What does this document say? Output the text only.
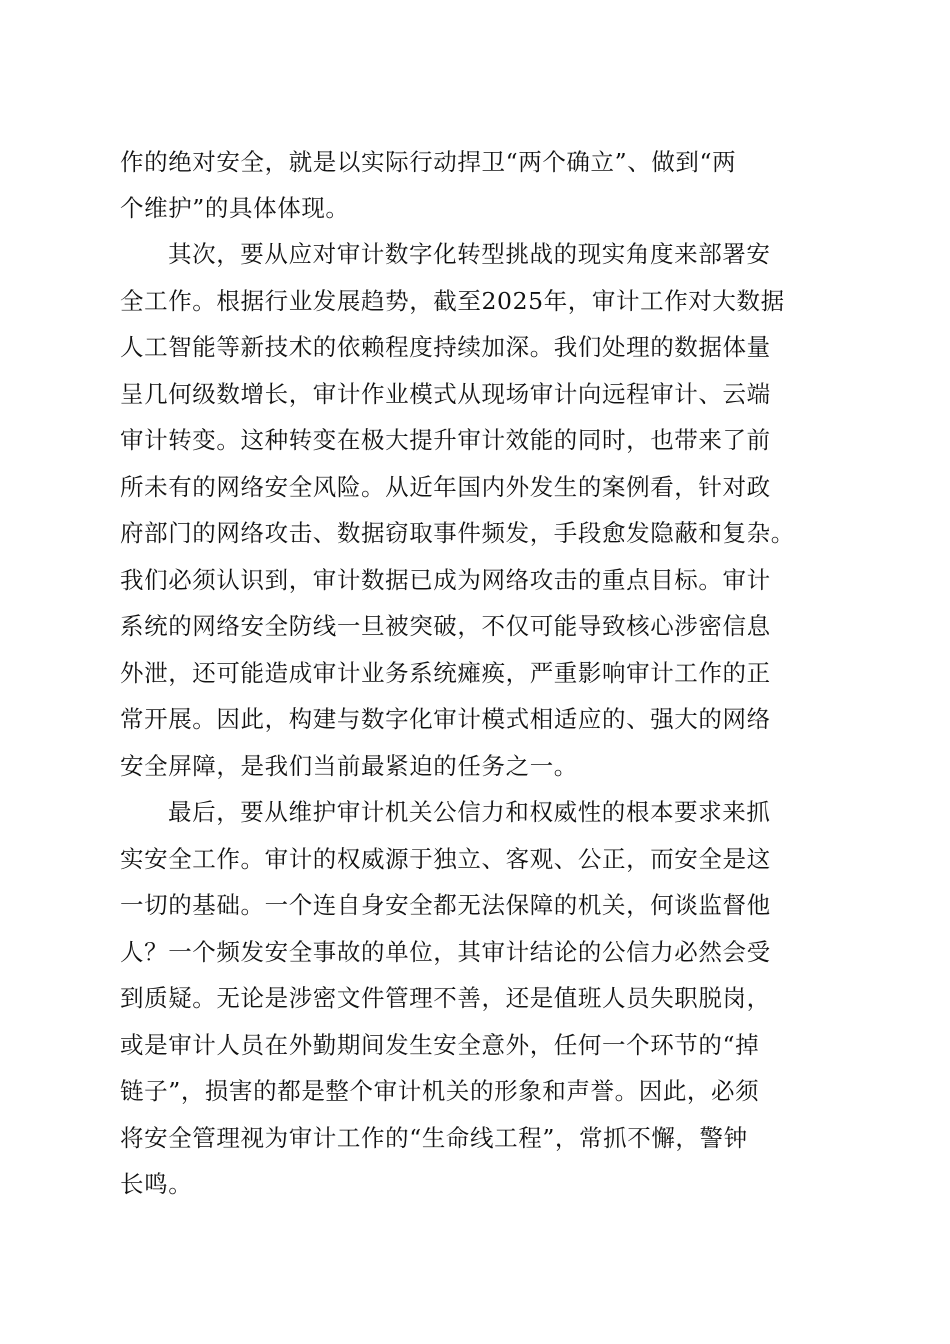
作的绝对安全，就是以实际行动捍卫“两个确立”、做到“两
个维护”的具体体现。
其次，要从应对审计数字化转型挑战的现实角度来部署安
全工作。根据行业发展趋势，截至2025年，审计工作对大数据
人工智能等新技术的依赖程度持续加深。我们处理的数据体量
呈几何级数增长，审计作业模式从现场审计向远程审计、云端
审计转变。这种转变在极大提升审计效能的同时，也带来了前
所未有的网络安全风险。从近年国内外发生的案例看，针对政
府部门的网络攻击、数据窃取事件频发，手段愈发隐蔽和复杂。
我们必须认识到，审计数据已成为网络攻击的重点目标。审计
系统的网络安全防线一旦被突破，不仅可能导致核心涉密信息
外泄，还可能造成审计业务系统瘫痪，严重影响审计工作的正
常开展。因此，构建与数字化审计模式相适应的、强大的网络
安全屏障，是我们当前最紧迫的任务之一。
最后，要从维护审计机关公信力和权威性的根本要求来抓
实安全工作。审计的权威源于独立、客观、公正，而安全是这
一切的基础。一个连自身安全都无法保障的机关，何谈监督他
人？一个频发安全事故的单位，其审计结论的公信力必然会受
到质疑。无论是涉密文件管理不善，还是值班人员失职脱岗，
或是审计人员在外勤期间发生安全意外，任何一个环节的“掉
链子”，损害的都是整个审计机关的形象和声誉。因此，必须
将安全管理视为审计工作的“生命线工程”，常抓不懈，警钟
长鸣。
